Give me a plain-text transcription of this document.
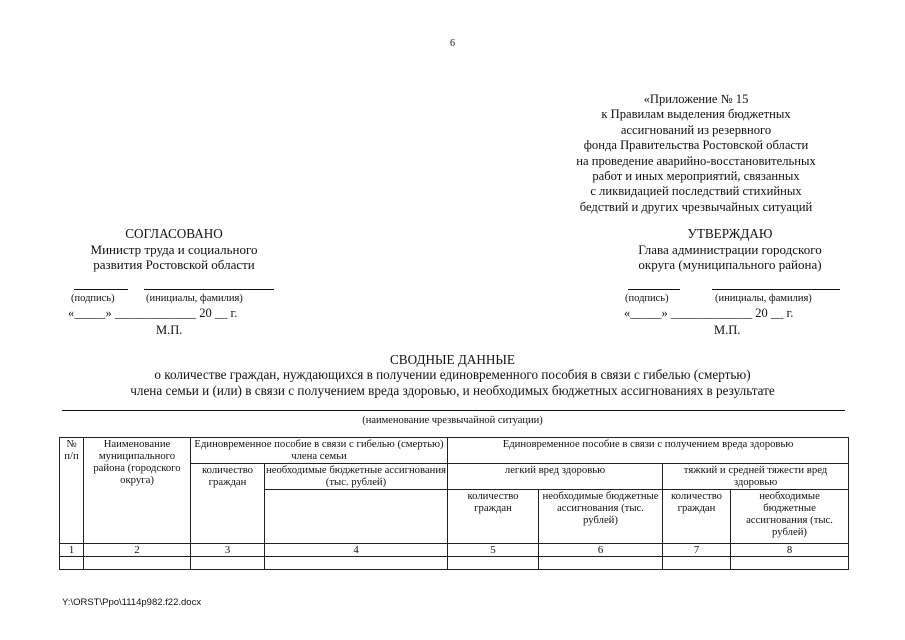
6
«Приложение № 15
к Правилам выделения бюджетных
ассигнований из резервного
фонда Правительства Ростовской области
на проведение аварийно-восстановительных
работ и иных мероприятий, связанных
с ликвидацией последствий стихийных
бедствий и других чрезвычайных ситуаций
СОГЛАСОВАНО
Министр труда и социального
развития Ростовской области
(подпись)	(инициалы, фамилия)
«_____» _____________ 20 __ г.
М.П.
УТВЕРЖДАЮ
Глава администрации городского
округа (муниципального района)
(подпись)	(инициалы, фамилия)
«_____» _____________ 20 __ г.
М.П.
СВОДНЫЕ ДАННЫЕ
о количестве граждан, нуждающихся в получении единовременного пособия в связи с гибелью (смертью)
члена семьи и (или) в связи с получением вреда здоровью, и необходимых бюджетных ассигнованиях в результате
(наименование чрезвычайной ситуации)
№ п/п	Наименование муниципального района (городского округа)	Единовременное пособие в связи с гибелью (смертью) члена семьи		Единовременное пособие в связи с получением вреда здоровью			
		количество граждан	необходимые бюджетные ассигнования (тыс. рублей)	легкий вред здоровью		тяжкий и средней тяжести вред здоровью	

				количество граждан	необходимые бюджетные ассигнования (тыс. рублей)	количество граждан	необходимые бюджетные ассигнования (тыс. рублей)
1	2	3	4	5	6	7	8

Y:\ORST\Ppo\1114p982.f22.docx
